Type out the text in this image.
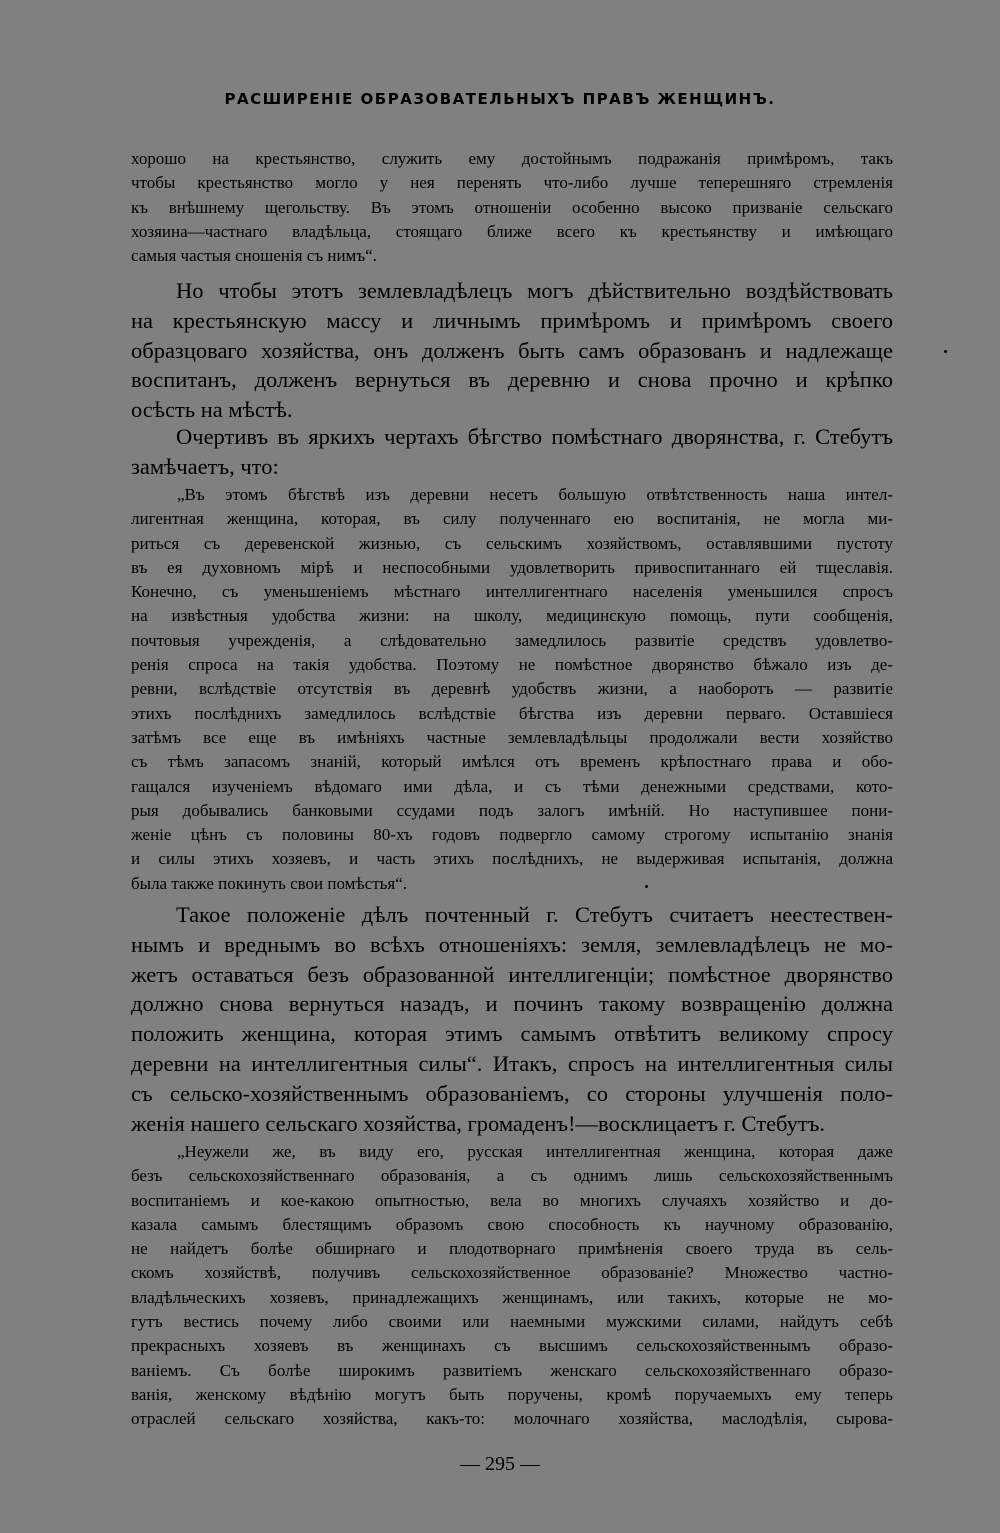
РАСШИРЕНІЕ ОБРАЗОВАТЕЛЬНЫХЪ ПРАВЪ ЖЕНЩИНЪ.
хорошо на крестьянство, служить ему достойнымъ подражанія примѣромъ, такъ
чтобы крестьянство могло у нея перенять что-либо лучше теперешняго стремленія
къ внѣшнему щегольству. Въ этомъ отношеніи особенно высоко призваніе сельскаго
хозяина—частнаго владѣльца, стоящаго ближе всего къ крестьянству и имѣющаго
самыя частыя сношенія съ нимъ“.
Но чтобы этотъ землевладѣлецъ могъ дѣйствительно воздѣйствовать
на крестьянскую массу и личнымъ примѣромъ и примѣромъ своего
образцоваго хозяйства, онъ долженъ быть самъ образованъ и надлежаще
воспитанъ, долженъ вернуться въ деревню и снова прочно и крѣпко
осѣсть на мѣстѣ.
Очертивъ въ яркихъ чертахъ бѣгство помѣстнаго дворянства, г. Стебутъ
замѣчаетъ, что:
„Въ этомъ бѣгствѣ изъ деревни несетъ большую отвѣтственность наша интел-
лигентная женщина, которая, въ силу полученнаго ею воспитанія, не могла ми-
риться съ деревенской жизнью, съ сельскимъ хозяйствомъ, оставлявшими пустоту
въ ея духовномъ мірѣ и неспособными удовлетворить привоспитаннаго ей тщеславія.
Конечно, съ уменьшеніемъ мѣстнаго интеллигентнаго населенія уменьшился спросъ
на извѣстныя удобства жизни: на школу, медицинскую помощь, пути сообщенія,
почтовыя учрежденія, а слѣдовательно замедлилось развитіе средствъ удовлетво-
ренія спроса на такія удобства. Поэтому не помѣстное дворянство бѣжало изъ де-
ревни, вслѣдствіе отсутствія въ деревнѣ удобствъ жизни, а наоборотъ — развитіе
этихъ послѣднихъ замедлилось вслѣдствіе бѣгства изъ деревни перваго. Оставшіеся
затѣмъ все еще въ имѣніяхъ частные землевладѣльцы продолжали вести хозяйство
съ тѣмъ запасомъ знаній, который имѣлся отъ временъ крѣпостнаго права и обо-
гащался изученіемъ вѣдомаго ими дѣла, и съ тѣми денежными средствами, кото-
рыя добывались банковыми ссудами подъ залогъ имѣній. Но наступившее пони-
женіе цѣнъ съ половины 80-хъ годовъ подвергло самому строгому испытанію знанія
и силы этихъ хозяевъ, и часть этихъ послѣднихъ, не выдерживая испытанія, должна
была также покинуть свои помѣстья“.
Такое положеніе дѣлъ почтенный г. Стебутъ считаетъ неестествен-
нымъ и вреднымъ во всѣхъ отношеніяхъ: земля, землевладѣлецъ не мо-
жетъ оставаться безъ образованной интеллигенціи; помѣстное дворянство
должно снова вернуться назадъ, и починъ такому возвращенію должна
положить женщина, которая этимъ самымъ отвѣтитъ великому спросу
деревни на интеллигентныя силы“. Итакъ, спросъ на интеллигентныя силы
съ сельско-хозяйственнымъ образованіемъ, со стороны улучшенія поло-
женія нашего сельскаго хозяйства, громаденъ!—восклицаетъ г. Стебутъ.
„Неужели же, въ виду его, русская интеллигентная женщина, которая даже
безъ сельскохозяйственнаго образованія, а съ однимъ лишь сельскохозяйственнымъ
воспитаніемъ и кое-какою опытностью, вела во многихъ случаяхъ хозяйство и до-
казала самымъ блестящимъ образомъ свою способность къ научному образованію,
не найдетъ болѣе обширнаго и плодотворнаго примѣненія своего труда въ сель-
скомъ хозяйствѣ, получивъ сельскохозяйственное образованіе? Множество частно-
владѣльческихъ хозяевъ, принадлежащихъ женщинамъ, или такихъ, которые не мо-
гутъ вестись почему либо своими или наемными мужскими силами, найдутъ себѣ
прекрасныхъ хозяевъ въ женщинахъ съ высшимъ сельскохозяйственнымъ образо-
ваніемъ. Съ болѣе широкимъ развитіемъ женскаго сельскохозяйственнаго образо-
ванія, женскому вѣдѣнію могутъ быть поручены, кромѣ поручаемыхъ ему теперь
отраслей сельскаго хозяйства, какъ-то: молочнаго хозяйства, маслодѣлія, сырова-
— 295 —
